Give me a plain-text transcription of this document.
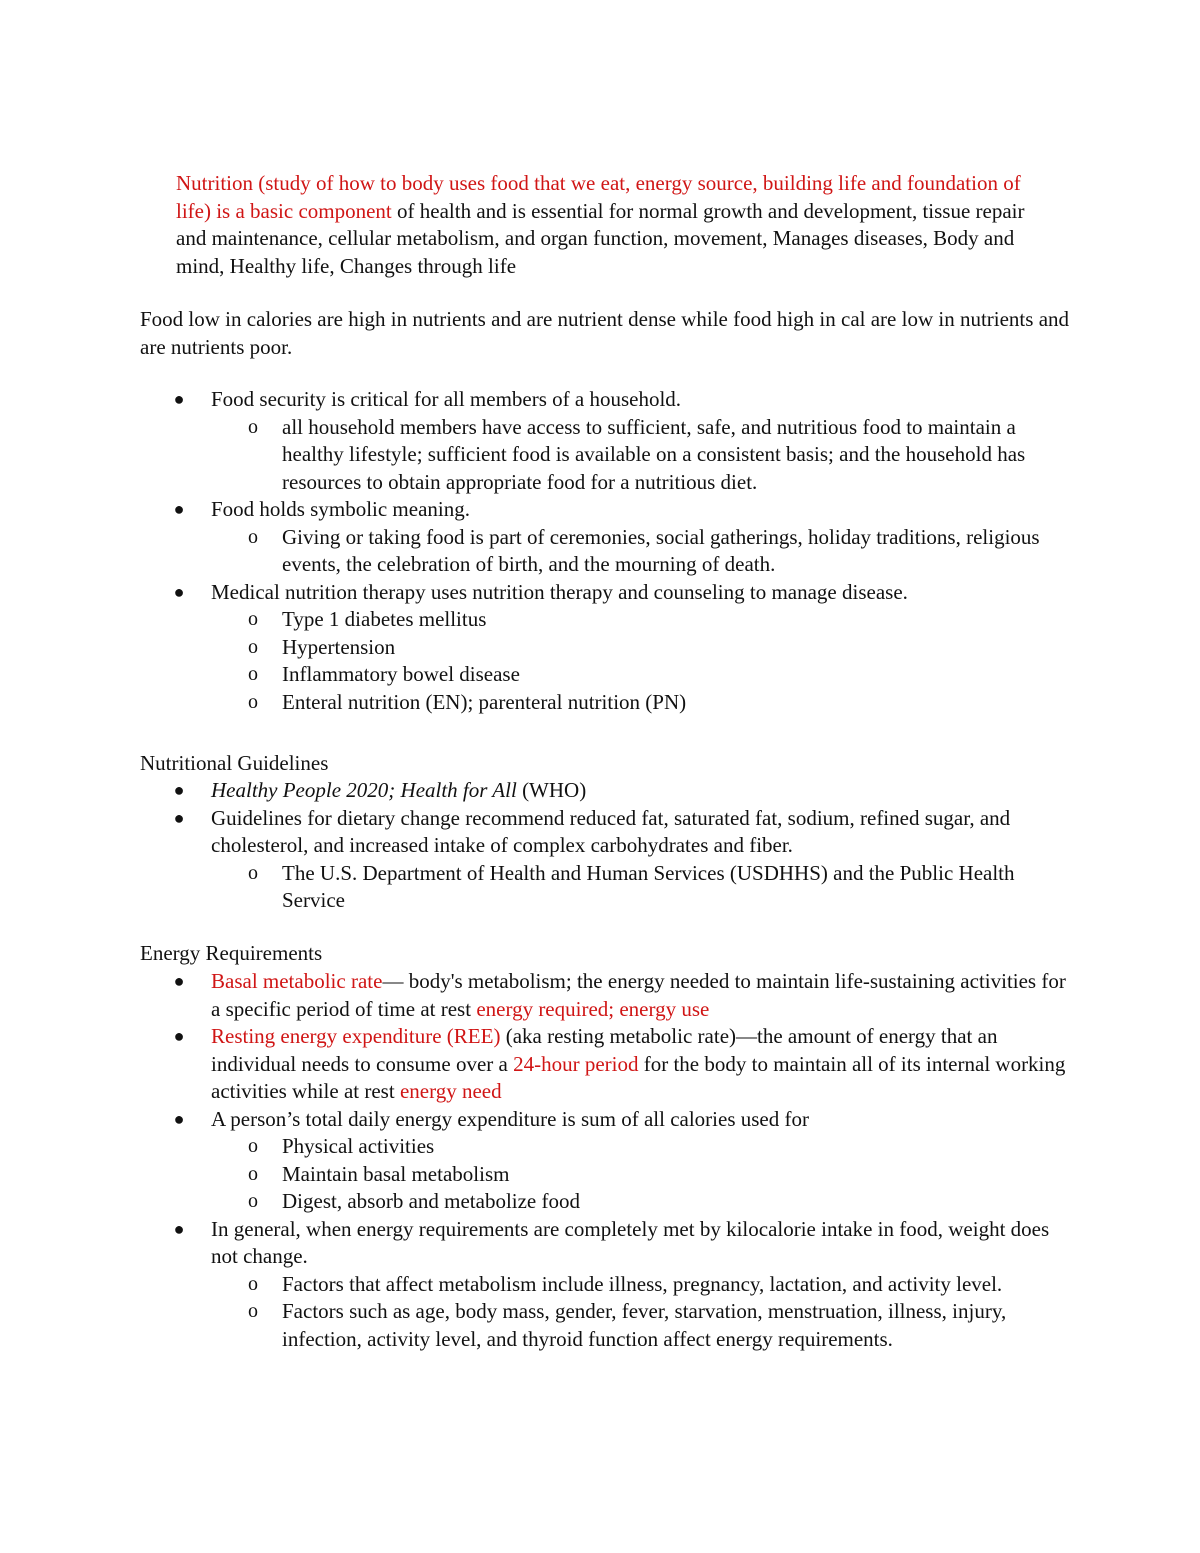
Nutrition (study of how to body uses food that we eat, energy source, building life and foundation of life) is a basic component of health and is essential for normal growth and development, tissue repair and maintenance, cellular metabolism, and organ function, movement, Manages diseases, Body and mind, Healthy life, Changes through life

Food low in calories are high in nutrients and are nutrient dense while food high in cal are low in nutrients and are nutrients poor.

● Food security is critical for all members of a household.
o all household members have access to sufficient, safe, and nutritious food to maintain a healthy lifestyle; sufficient food is available on a consistent basis; and the household has resources to obtain appropriate food for a nutritious diet.
● Food holds symbolic meaning.
o Giving or taking food is part of ceremonies, social gatherings, holiday traditions, religious events, the celebration of birth, and the mourning of death.
● Medical nutrition therapy uses nutrition therapy and counseling to manage disease.
o Type 1 diabetes mellitus
o Hypertension
o Inflammatory bowel disease
o Enteral nutrition (EN); parenteral nutrition (PN)

Nutritional Guidelines

● Healthy People 2020; Health for All (WHO)
● Guidelines for dietary change recommend reduced fat, saturated fat, sodium, refined sugar, and cholesterol, and increased intake of complex carbohydrates and fiber.
o The U.S. Department of Health and Human Services (USDHHS) and the Public Health Service

Energy Requirements

● Basal metabolic rate— body's metabolism; the energy needed to maintain life-sustaining activities for a specific period of time at rest energy required; energy use
● Resting energy expenditure (REE) (aka resting metabolic rate)—the amount of energy that an individual needs to consume over a 24-hour period for the body to maintain all of its internal working activities while at rest energy need
● A person’s total daily energy expenditure is sum of all calories used for
o Physical activities
o Maintain basal metabolism
o Digest, absorb and metabolize food
● In general, when energy requirements are completely met by kilocalorie intake in food, weight does not change.
o Factors that affect metabolism include illness, pregnancy, lactation, and activity level.
o Factors such as age, body mass, gender, fever, starvation, menstruation, illness, injury, infection, activity level, and thyroid function affect energy requirements.
